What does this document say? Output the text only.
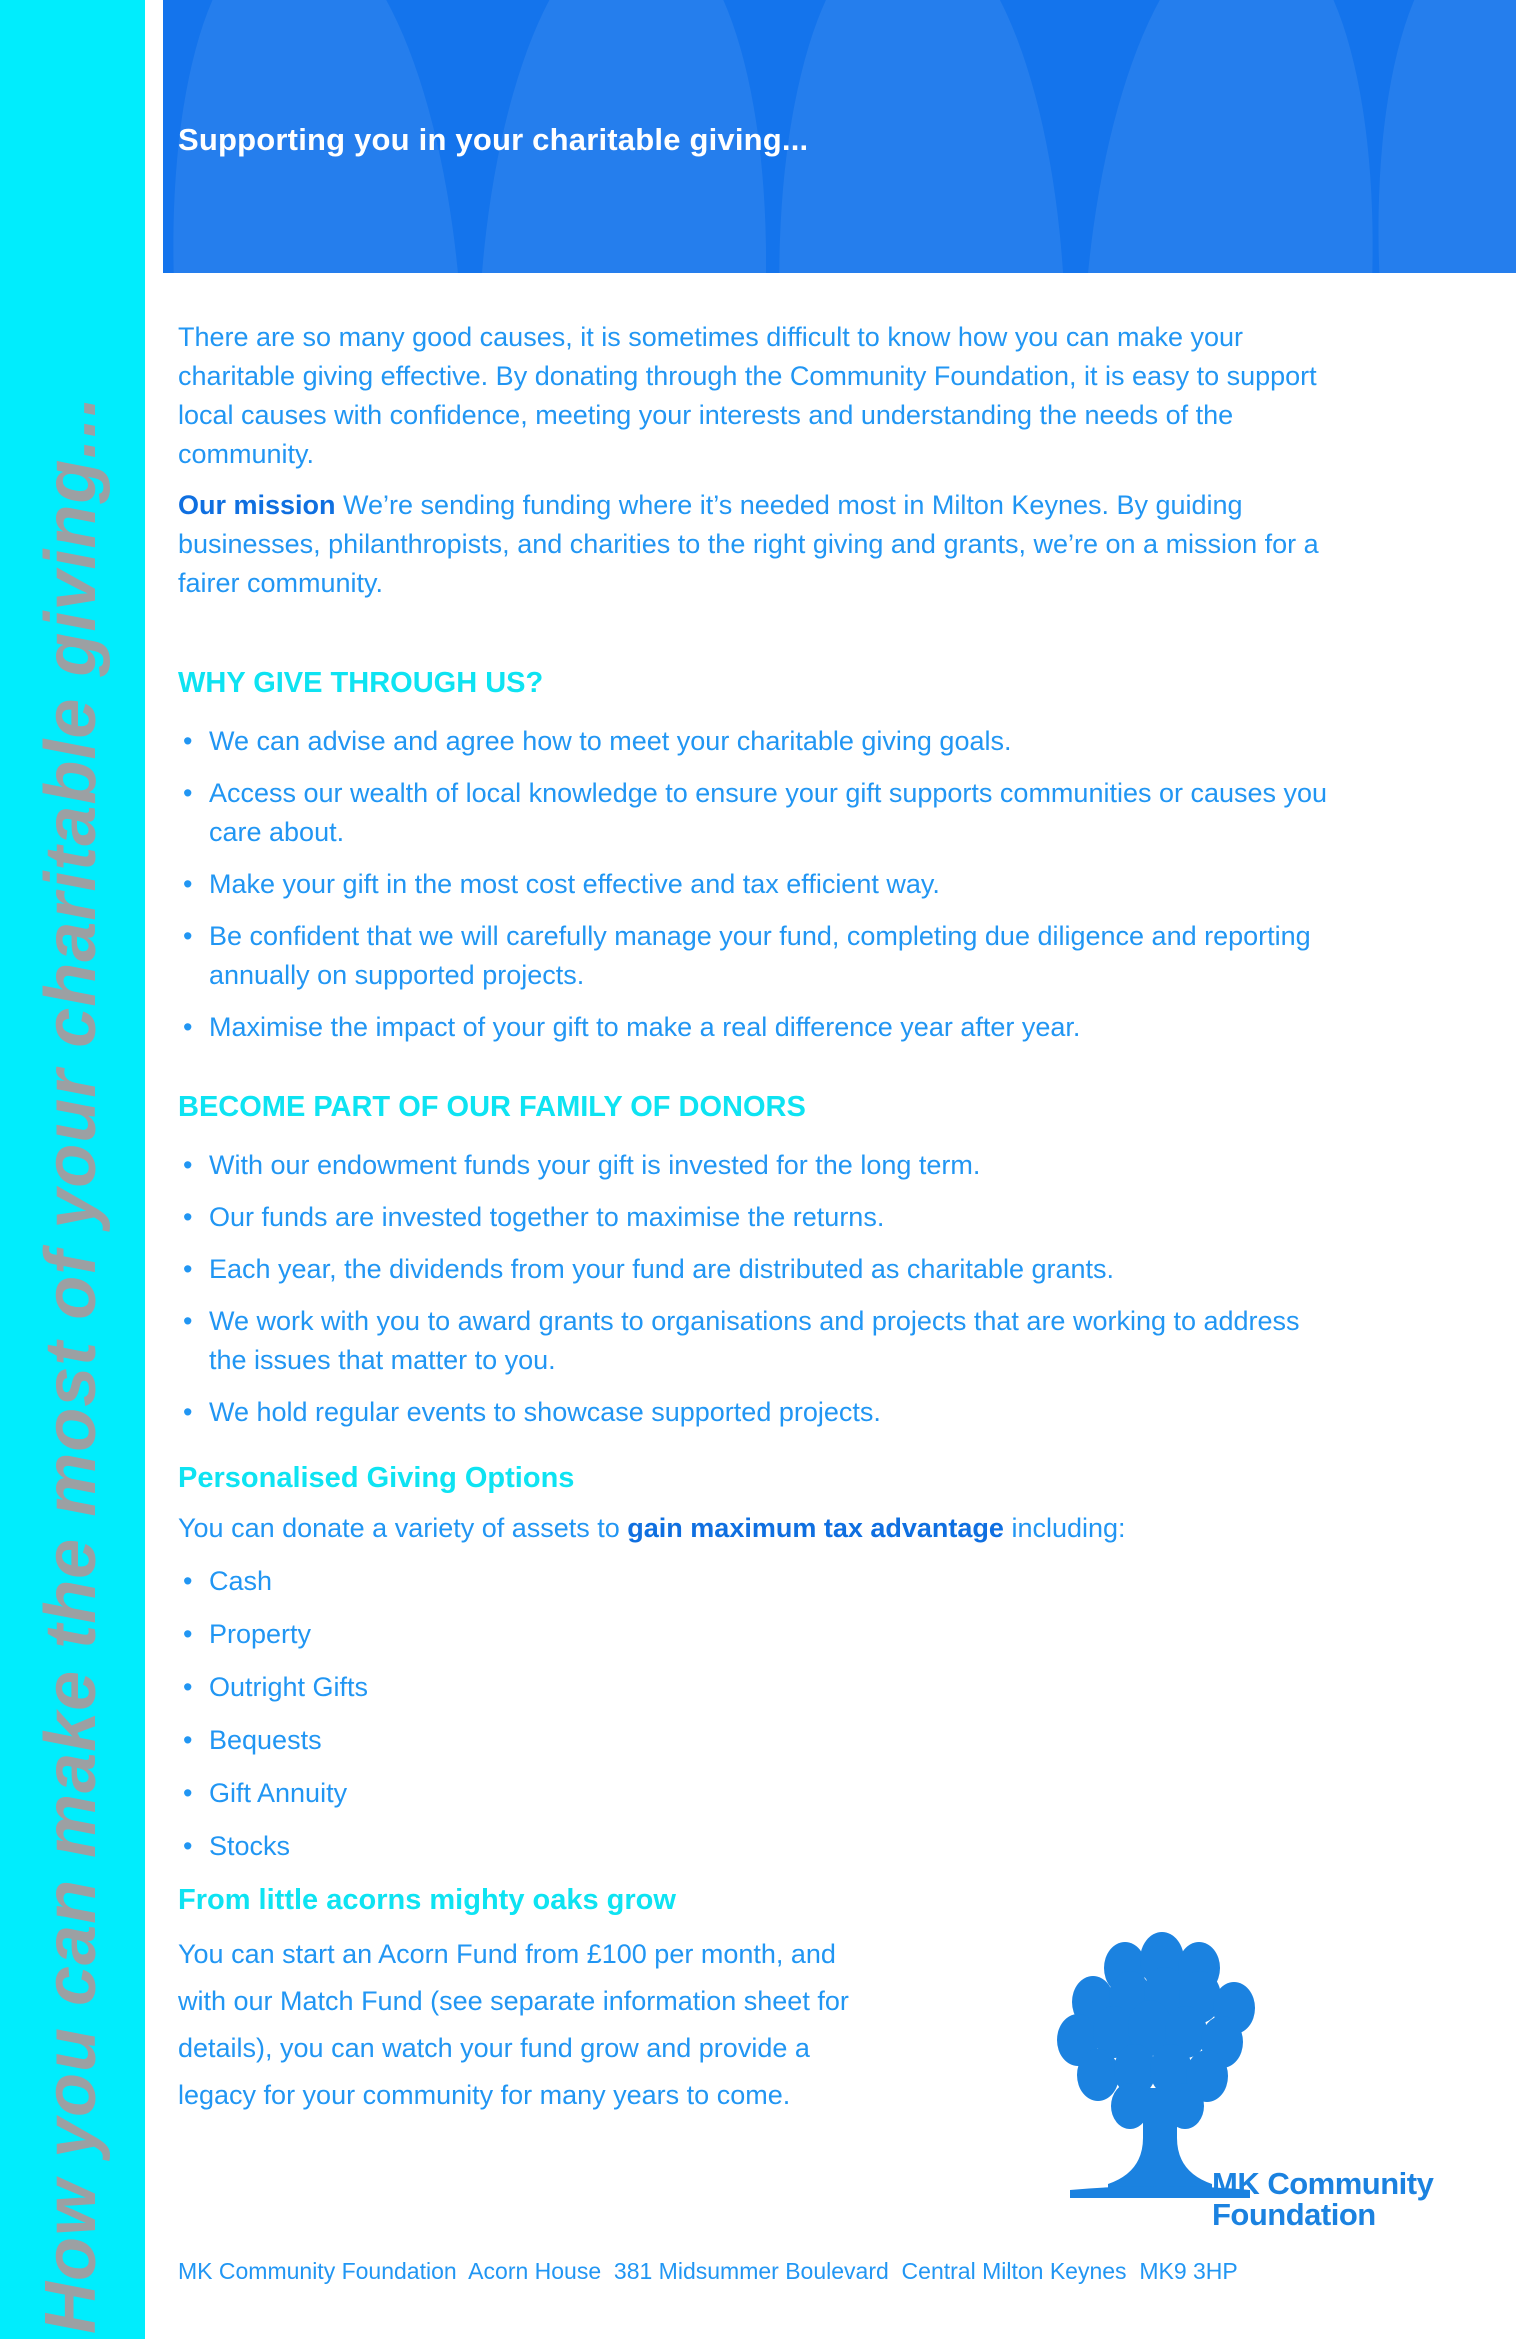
How you can make the most of your charitable giving...
Supporting you in your charitable giving...

There are so many good causes, it is sometimes difficult to know how you can make your charitable giving effective. By donating through the Community Foundation, it is easy to support local causes with confidence, meeting your interests and understanding the needs of the community.

Our mission We’re sending funding where it’s needed most in Milton Keynes. By guiding businesses, philanthropists, and charities to the right giving and grants, we’re on a mission for a fairer community.

WHY GIVE THROUGH US?
• We can advise and agree how to meet your charitable giving goals.
• Access our wealth of local knowledge to ensure your gift supports communities or causes you care about.
• Make your gift in the most cost effective and tax efficient way.
• Be confident that we will carefully manage your fund, completing due diligence and reporting annually on supported projects.
• Maximise the impact of your gift to make a real difference year after year.
BECOME PART OF OUR FAMILY OF DONORS
• With our endowment funds your gift is invested for the long term.
• Our funds are invested together to maximise the returns.
• Each year, the dividends from your fund are distributed as charitable grants.
• We work with you to award grants to organisations and projects that are working to address the issues that matter to you.
• We hold regular events to showcase supported projects.
Personalised Giving Options

You can donate a variety of assets to gain maximum tax advantage including:

• Cash
• Property
• Outright Gifts
• Bequests
• Gift Annuity
• Stocks
From little acorns mighty oaks grow

You can start an Acorn Fund from £100 per month, and with our Match Fund (see separate information sheet for details), you can watch your fund grow and provide a legacy for your community for many years to come.

MK Community
Foundation
MK Community Foundation  Acorn House  381 Midsummer Boulevard  Central Milton Keynes  MK9 3HP
